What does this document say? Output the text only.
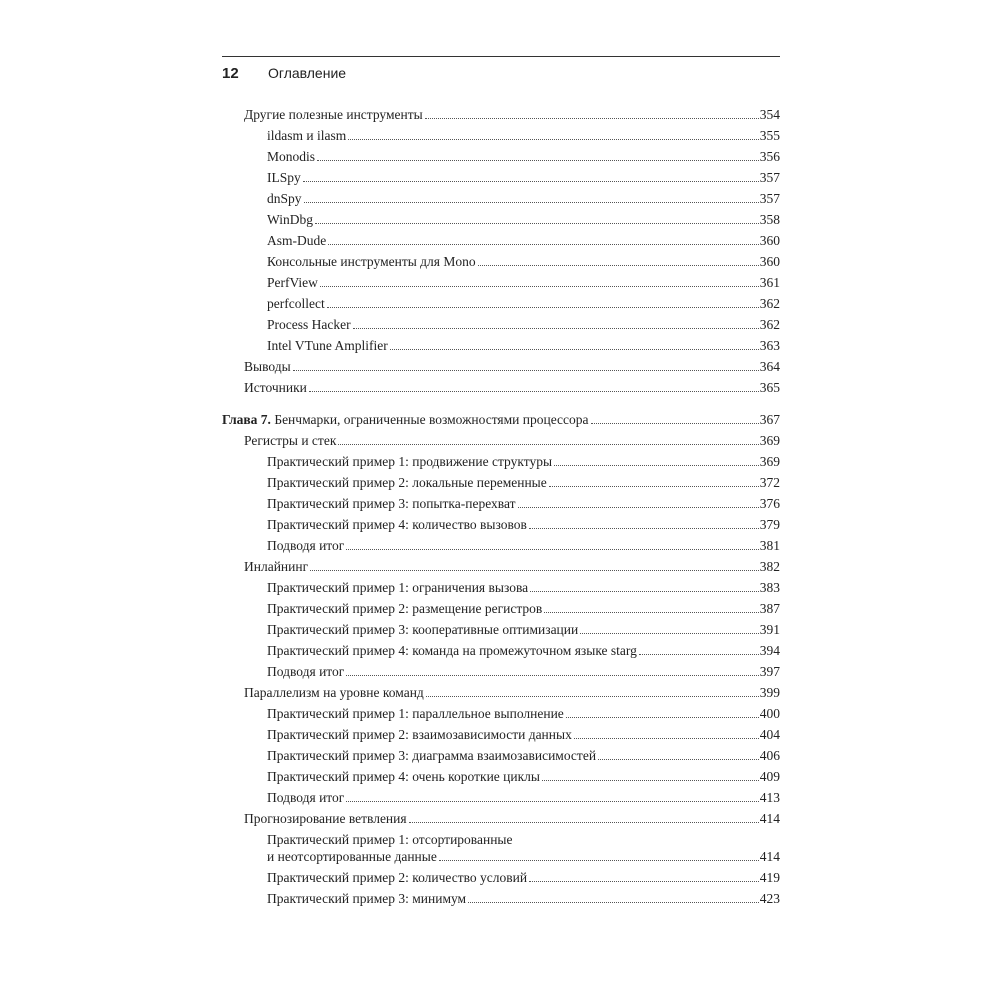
12	Оглавление
Другие полезные инструменты	354
ildasm и ilasm	355
Monodis	356
ILSpy	357
dnSpy	357
WinDbg	358
Asm-Dude	360
Консольные инструменты для Mono	360
PerfView	361
perfcollect	362
Process Hacker	362
Intel VTune Amplifier	363
Выводы	364
Источники	365
Глава 7. Бенчмарки, ограниченные возможностями процессора	367
Регистры и стек	369
Практический пример 1: продвижение структуры	369
Практический пример 2: локальные переменные	372
Практический пример 3: попытка-перехват	376
Практический пример 4: количество вызовов	379
Подводя итог	381
Инлайнинг	382
Практический пример 1: ограничения вызова	383
Практический пример 2: размещение регистров	387
Практический пример 3: кооперативные оптимизации	391
Практический пример 4: команда на промежуточном языке starg	394
Подводя итог	397
Параллелизм на уровне команд	399
Практический пример 1: параллельное выполнение	400
Практический пример 2: взаимозависимости данных	404
Практический пример 3: диаграмма взаимозависимостей	406
Практический пример 4: очень короткие циклы	409
Подводя итог	413
Прогнозирование ветвления	414
Практический пример 1: отсортированные
и неотсортированные данные	414
Практический пример 2: количество условий	419
Практический пример 3: минимум	423
